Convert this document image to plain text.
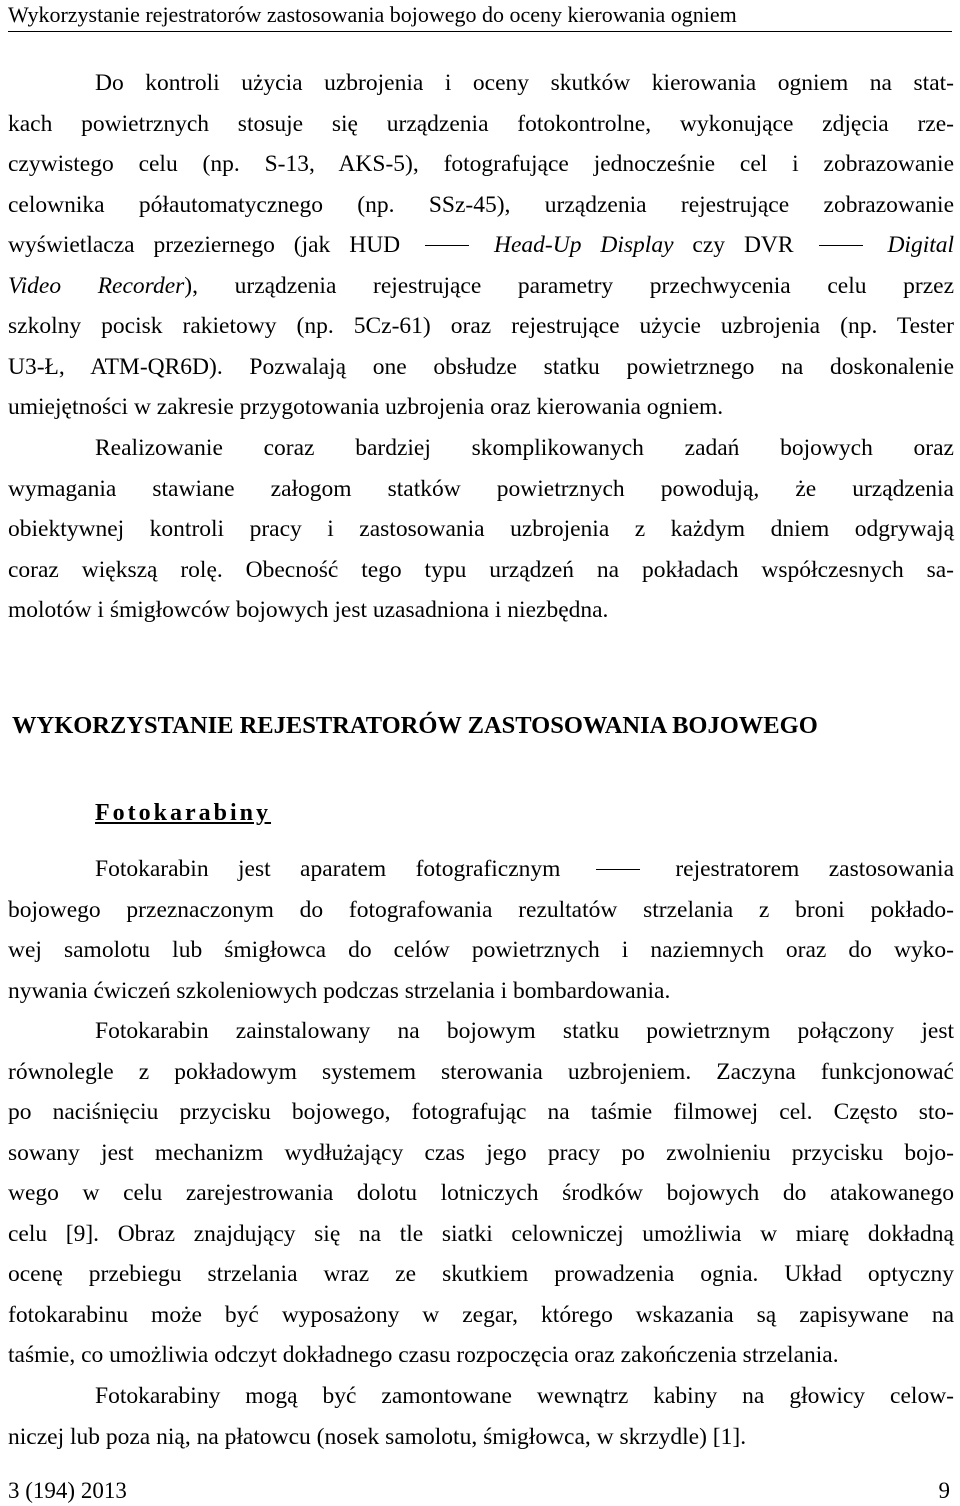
Wykorzystanie rejestratorów zastosowania bojowego do oceny kierowania ogniem

Do kontroli użycia uzbrojenia i oceny skutków kierowania ogniem na stat-
kach powietrznych stosuje się urządzenia fotokontrolne, wykonujące zdjęcia rze-
czywistego celu (np. S-13, AKS-5), fotografujące jednocześnie cel i zobrazowanie
celownika półautomatycznego (np. SSz-45), urządzenia rejestrujące zobrazowanie
wyświetlacza przeziernego (jak HUD	Head-Up Display czy DVR	Digital
Video Recorder), urządzenia rejestrujące parametry przechwycenia celu przez
szkolny pocisk rakietowy (np. 5Cz-61) oraz rejestrujące użycie uzbrojenia (np. Tester
U3-Ł, ATM-QR6D). Pozwalają one obsłudze statku powietrznego na doskonalenie
umiejętności w zakresie przygotowania uzbrojenia oraz kierowania ogniem.

Realizowanie coraz bardziej skomplikowanych zadań bojowych oraz
wymagania stawiane załogom statków powietrznych powodują, że urządzenia
obiektywnej kontroli pracy i zastosowania uzbrojenia z każdym dniem odgrywają
coraz większą rolę. Obecność tego typu urządzeń na pokładach współczesnych sa-
molotów i śmigłowców bojowych jest uzasadniona i niezbędna.

WYKORZYSTANIE REJESTRATORÓW ZASTOSOWANIA BOJOWEGO
Fotokarabiny

Fotokarabin jest aparatem fotograficznym	rejestratorem zastosowania
bojowego przeznaczonym do fotografowania rezultatów strzelania z broni pokłado-
wej samolotu lub śmigłowca do celów powietrznych i naziemnych oraz do wyko-
nywania ćwiczeń szkoleniowych podczas strzelania i bombardowania.

Fotokarabin zainstalowany na bojowym statku powietrznym połączony jest
równolegle z pokładowym systemem sterowania uzbrojeniem. Zaczyna funkcjonować
po naciśnięciu przycisku bojowego, fotografując na taśmie filmowej cel. Często sto-
sowany jest mechanizm wydłużający czas jego pracy po zwolnieniu przycisku bojo-
wego w celu zarejestrowania dolotu lotniczych środków bojowych do atakowanego
celu [9]. Obraz znajdujący się na tle siatki celowniczej umożliwia w miarę dokładną
ocenę przebiegu strzelania wraz ze skutkiem prowadzenia ognia. Układ optyczny
fotokarabinu może być wyposażony w zegar, którego wskazania są zapisywane na
taśmie, co umożliwia odczyt dokładnego czasu rozpoczęcia oraz zakończenia strzelania.

Fotokarabiny mogą być zamontowane wewnątrz kabiny na głowicy celow-
niczej lub poza nią, na płatowcu (nosek samolotu, śmigłowca, w skrzydle) [1].

3 (194) 2013	9
